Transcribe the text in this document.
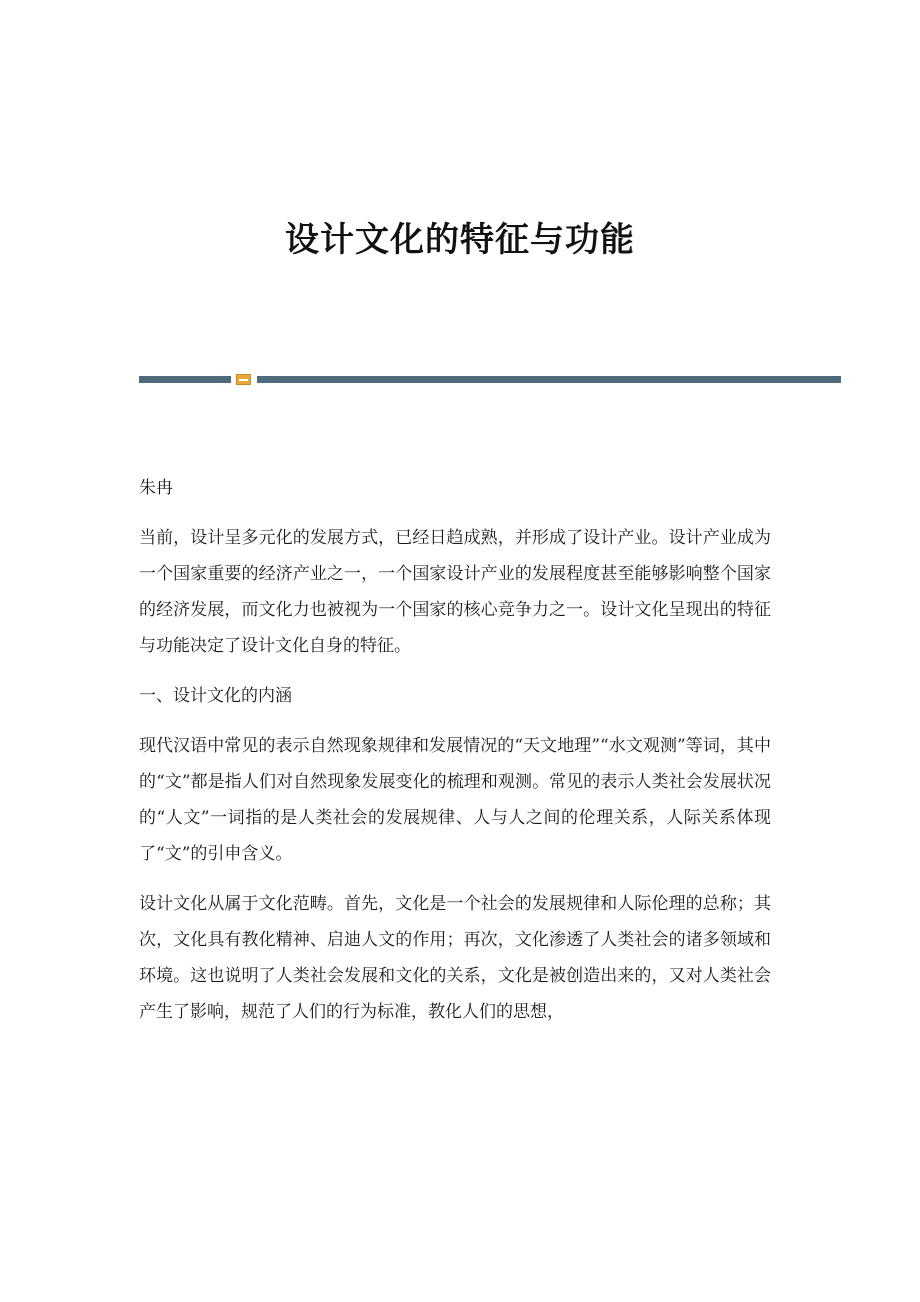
设计文化的特征与功能

朱冉

当前，设计呈多元化的发展方式，已经日趋成熟，并形成了设计产业。设计产业成为一个国家重要的经济产业之一，一个国家设计产业的发展程度甚至能够影响整个国家的经济发展，而文化力也被视为一个国家的核心竞争力之一。设计文化呈现出的特征与功能决定了设计文化自身的特征。

一、设计文化的内涵

现代汉语中常见的表示自然现象规律和发展情况的“天文地理”“水文观测”等词，其中的“文”都是指人们对自然现象发展变化的梳理和观测。常见的表示人类社会发展状况的“人文”一词指的是人类社会的发展规律、人与人之间的伦理关系，人际关系体现了“文”的引申含义。

设计文化从属于文化范畴。首先，文化是一个社会的发展规律和人际伦理的总称；其次，文化具有教化精神、启迪人文的作用；再次，文化渗透了人类社会的诸多领域和环境。这也说明了人类社会发展和文化的关系，文化是被创造出来的，又对人类社会产生了影响，规范了人们的行为标准，教化人们的思想，
